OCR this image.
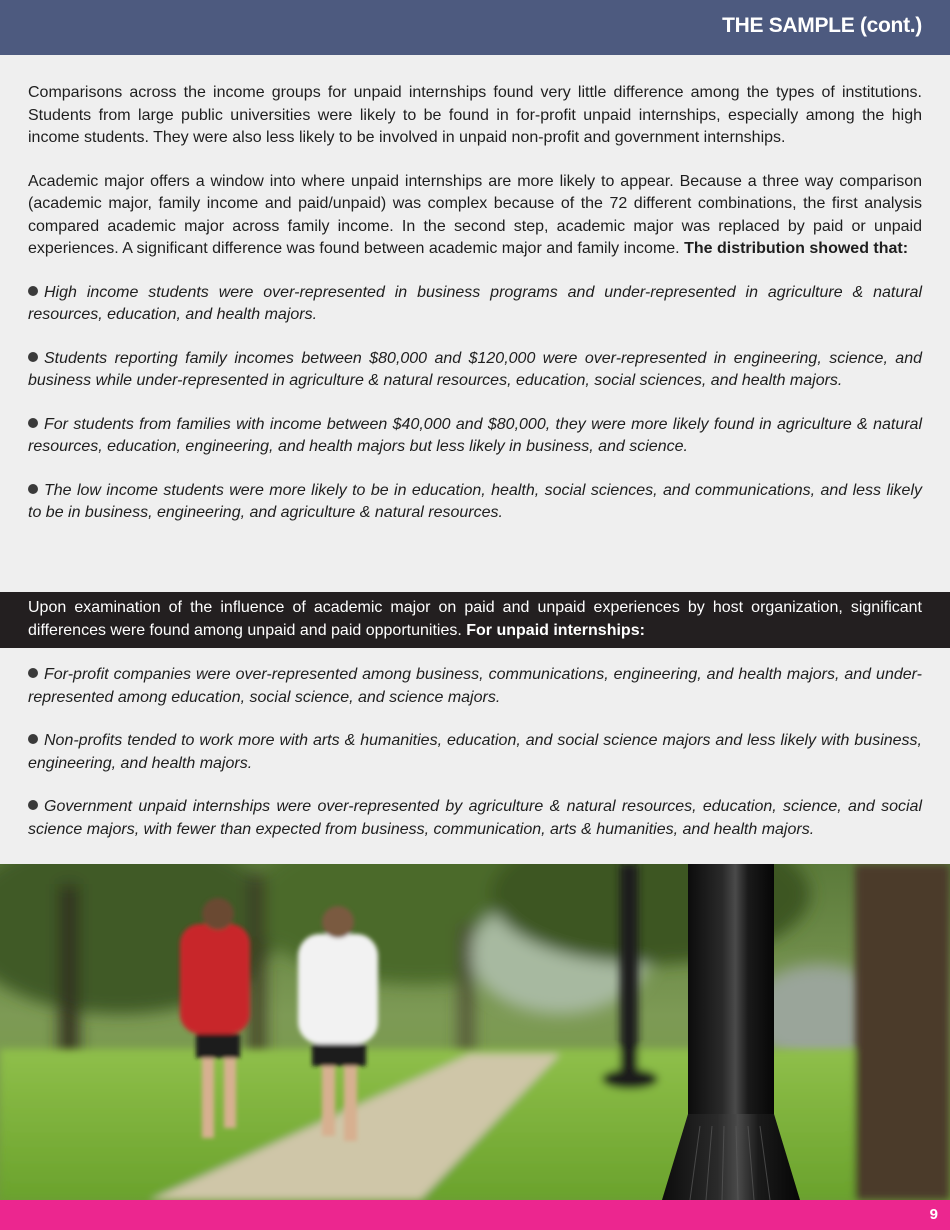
THE SAMPLE (cont.)

Comparisons across the income groups for unpaid internships found very little difference among the types of institutions. Students from large public universities were likely to be found in for-profit unpaid internships, especially among the high income students. They were also less likely to be involved in unpaid non-profit and government internships.

Academic major offers a window into where unpaid internships are more likely to appear. Because a three way comparison (academic major, family income and paid/unpaid) was complex because of the 72 different combinations, the first analysis compared academic major across family income. In the second step, academic major was replaced by paid or unpaid experiences. A significant difference was found between academic major and family income. The distribution showed that:

High income students were over-represented in business programs and under-represented in agriculture & natural resources, education, and health majors.

Students reporting family incomes between $80,000 and $120,000 were over-represented in engineering, science, and business while under-represented in agriculture & natural resources, education, social sciences, and health majors.

For students from families with income between $40,000 and $80,000, they were more likely found in agriculture & natural resources, education, engineering, and health majors but less likely in business, and science.

The low income students were more likely to be in education, health, social sciences, and communications, and less likely to be in business, engineering, and agriculture & natural resources.

Upon examination of the influence of academic major on paid and unpaid experiences by host organization, significant differences were found among unpaid and paid opportunities. For unpaid internships:

For-profit companies were over-represented among business, communications, engineering, and health majors, and under-represented among education, social science, and science majors.

Non-profits tended to work more with arts & humanities, education, and social science majors and less likely with business, engineering, and health majors.

Government unpaid internships were over-represented by agriculture & natural resources, education, science, and social science majors, with fewer than expected from business, communication, arts & humanities, and health majors.

9
